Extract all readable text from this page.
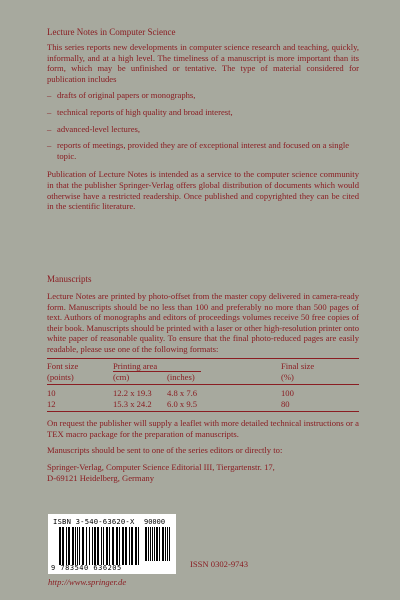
Lecture Notes in Computer Science

This series reports new developments in computer science research and teaching, quickly, informally, and at a high level. The timeliness of a manuscript is more important than its form, which may be unfinished or tentative. The type of material considered for publication includes

– drafts of original papers or monographs,
– technical reports of high quality and broad interest,
– advanced-level lectures,
– reports of meetings, provided they are of exceptional interest and focused on a single topic.

Publication of Lecture Notes is intended as a service to the computer science community in that the publisher Springer-Verlag offers global distribution of documents which would otherwise have a restricted readership. Once published and copyrighted they can be cited in the scientific literature.

Manuscripts

Lecture Notes are printed by photo-offset from the master copy delivered in camera-ready form. Manuscripts should be no less than 100 and preferably no more than 500 pages of text. Authors of monographs and editors of proceedings volumes receive 50 free copies of their book. Manuscripts should be printed with a laser or other high-resolution printer onto white paper of reasonable quality. To ensure that the final photo-reduced pages are easily readable, please use one of the following formats:

Font size	Printing area		Final size
(points)	(cm)	(inches)	(%)
10	12.2 x 19.3	4.8 x 7.6	100
12	15.3 x 24.2	6.0 x 9.5	80

On request the publisher will supply a leaflet with more detailed technical instructions or a TEX macro package for the preparation of manuscripts.

Manuscripts should be sent to one of the series editors or directly to:

Springer-Verlag, Computer Science Editorial III, Tiergartenstr. 17,
D-69121 Heidelberg, Germany

ISBN 3-540-63620-X
9 783540 636205
90000
ISSN 0302-9743
http://www.springer.de
